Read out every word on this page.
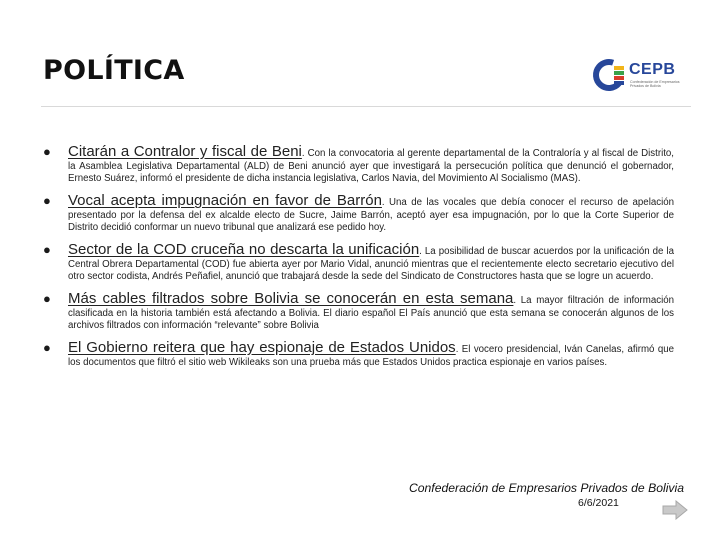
POLÍTICA	CEPB
Confederación de Empresarios Privados de Bolivia
● Citarán a Contralor y fiscal de Beni. Con la convocatoria al gerente departamental de la Contraloría y al fiscal de Distrito, la Asamblea Legislativa Departamental (ALD) de Beni anunció ayer que investigará la persecución política que denunció el gobernador, Ernesto Suárez, informó el presidente de dicha instancia legislativa, Carlos Navia, del Movimiento Al Socialismo (MAS).
● Vocal acepta impugnación en favor de Barrón. Una de las vocales que debía conocer el recurso de apelación presentado por la defensa del ex alcalde electo de Sucre, Jaime Barrón, aceptó ayer esa impugnación, por lo que la Corte Superior de Distrito decidió conformar un nuevo tribunal que analizará ese pedido hoy.
● Sector de la COD cruceña no descarta la unificación. La posibilidad de buscar acuerdos por la unificación de la Central Obrera Departamental (COD) fue abierta ayer por Mario Vidal, anunció mientras que el recientemente electo secretario ejecutivo del otro sector codista, Andrés Peñafiel, anunció que trabajará desde la sede del Sindicato de Constructores hasta que se logre un acuerdo.
● Más cables filtrados sobre Bolivia se conocerán en esta semana. La mayor filtración de información clasificada en la historia también está afectando a Bolivia. El diario español El País anunció que esta semana se conocerán algunos de los archivos filtrados con información “relevante” sobre Bolivia
● El Gobierno reitera que hay espionaje de Estados Unidos. El vocero presidencial, Iván Canelas, afirmó que los documentos que filtró el sitio web Wikileaks son una prueba más que Estados Unidos practica espionaje en varios países.
Confederación de Empresarios Privados de Bolivia
6/6/2021
